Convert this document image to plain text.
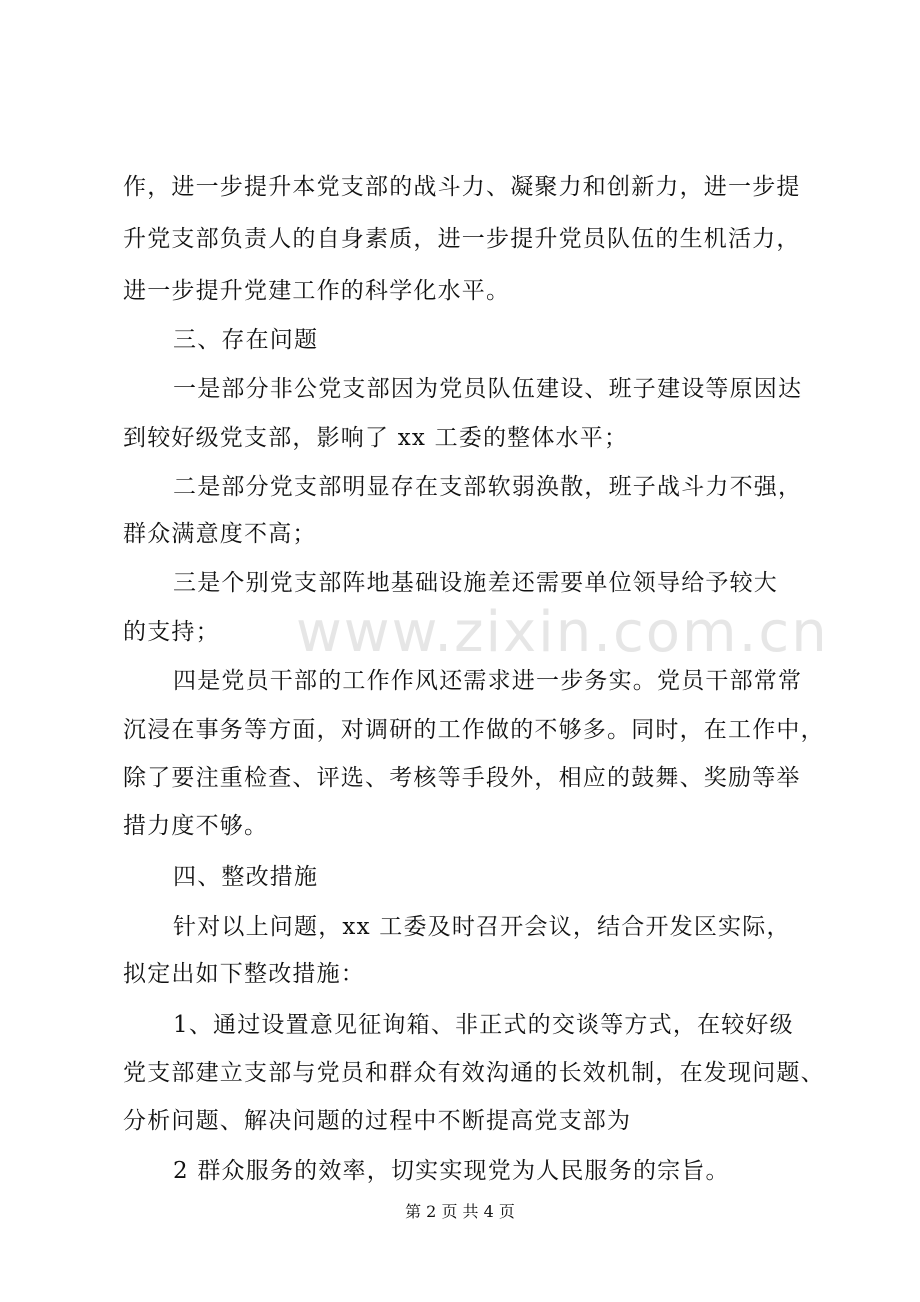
作，进一步提升本党支部的战斗力、凝聚力和创新力，进一步提
升党支部负责人的自身素质，进一步提升党员队伍的生机活力，
进一步提升党建工作的科学化水平。
三、存在问题
一是部分非公党支部因为党员队伍建设、班子建设等原因达
到较好级党支部，影响了 xx 工委的整体水平；
二是部分党支部明显存在支部软弱涣散，班子战斗力不强，
群众满意度不高；
三是个别党支部阵地基础设施差还需要单位领导给予较大
的支持；
四是党员干部的工作作风还需求进一步务实。党员干部常常
沉浸在事务等方面，对调研的工作做的不够多。同时，在工作中，
除了要注重检查、评选、考核等手段外，相应的鼓舞、奖励等举
措力度不够。
四、整改措施
针对以上问题，xx 工委及时召开会议，结合开发区实际，
拟定出如下整改措施：
1、通过设置意见征询箱、非正式的交谈等方式，在较好级
党支部建立支部与党员和群众有效沟通的长效机制，在发现问题、
分析问题、解决问题的过程中不断提高党支部为
2 群众服务的效率，切实实现党为人民服务的宗旨。
www.zixin.com.cn
第 2 页 共 4 页
